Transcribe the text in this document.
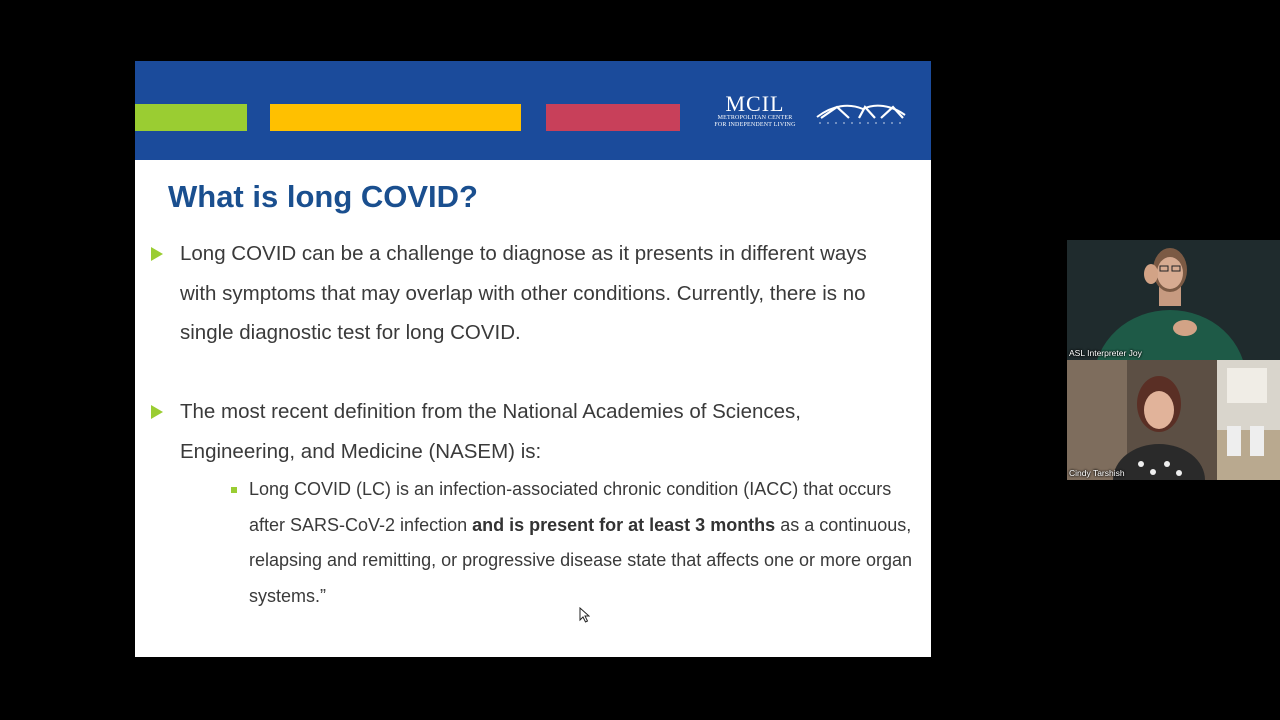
MCIL
METROPOLITAN CENTER
FOR INDEPENDENT LIVING
What is long COVID?

Long COVID can be a challenge to diagnose as it presents in different ways with symptoms that may overlap with other conditions. Currently, there is no single diagnostic test for long COVID.

The most recent definition from the National Academies of Sciences, Engineering, and Medicine (NASEM) is:

Long COVID (LC) is an infection-associated chronic condition (IACC) that occurs after SARS-CoV-2 infection and is present for at least 3 months as a continuous, relapsing and remitting, or progressive disease state that affects one or more organ systems.”

ASL Interpreter Joy
Cindy Tarshish
